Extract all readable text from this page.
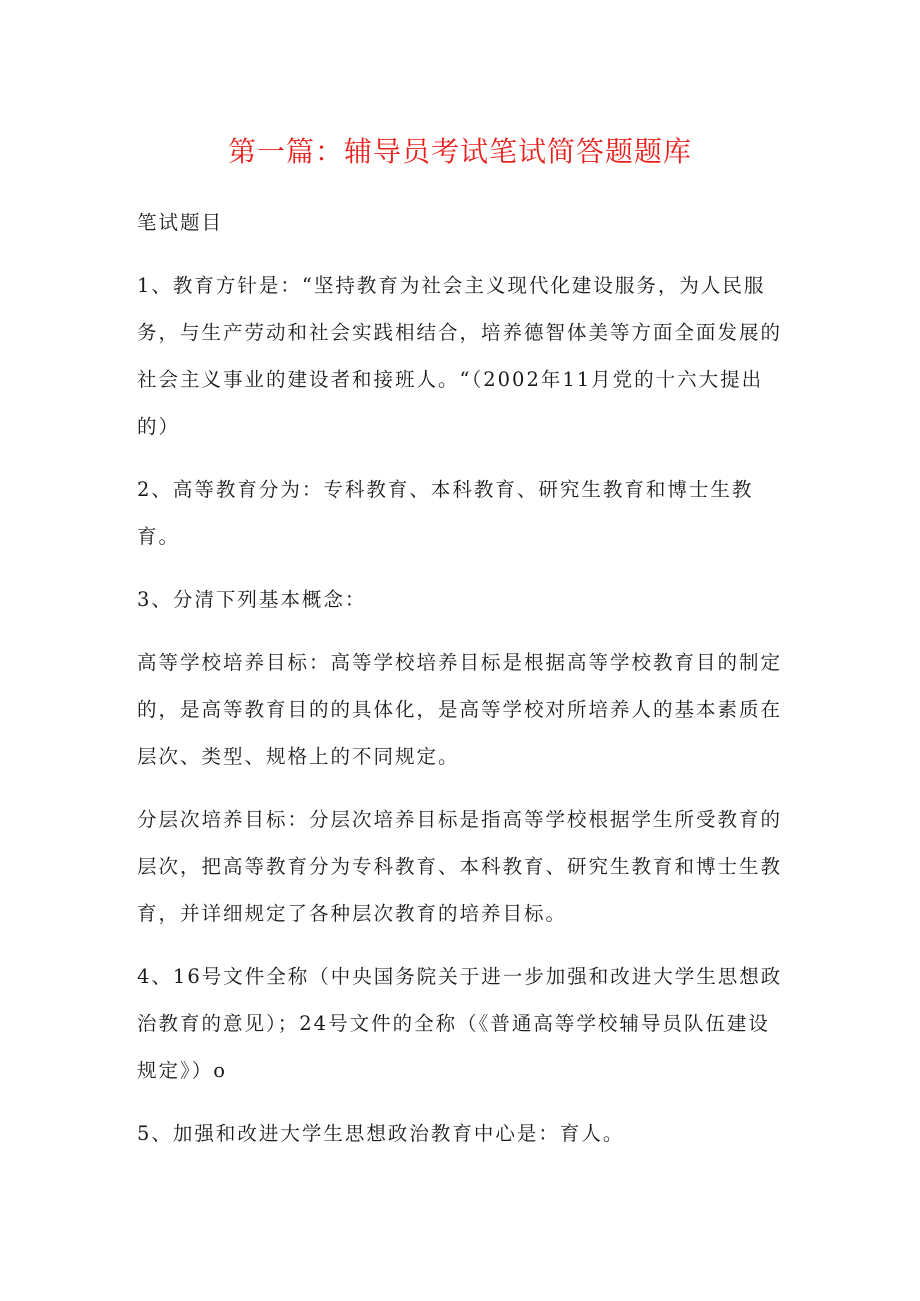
第一篇：辅导员考试笔试简答题题库

笔试题目

1、教育方针是：“坚持教育为社会主义现代化建设服务，为人民服务，与生产劳动和社会实践相结合，培养德智体美等方面全面发展的社会主义事业的建设者和接班人。“（2002年11月党的十六大提出的）

2、高等教育分为：专科教育、本科教育、研究生教育和博士生教育。

3、分清下列基本概念：

高等学校培养目标：高等学校培养目标是根据高等学校教育目的制定的，是高等教育目的的具体化，是高等学校对所培养人的基本素质在层次、类型、规格上的不同规定。

分层次培养目标：分层次培养目标是指高等学校根据学生所受教育的层次，把高等教育分为专科教育、本科教育、研究生教育和博士生教育，并详细规定了各种层次教育的培养目标。

4、16号文件全称（中央国务院关于进一步加强和改进大学生思想政治教育的意见）；24号文件的全称（《普通高等学校辅导员队伍建设规定》）o

5、加强和改进大学生思想政治教育中心是：育人。
